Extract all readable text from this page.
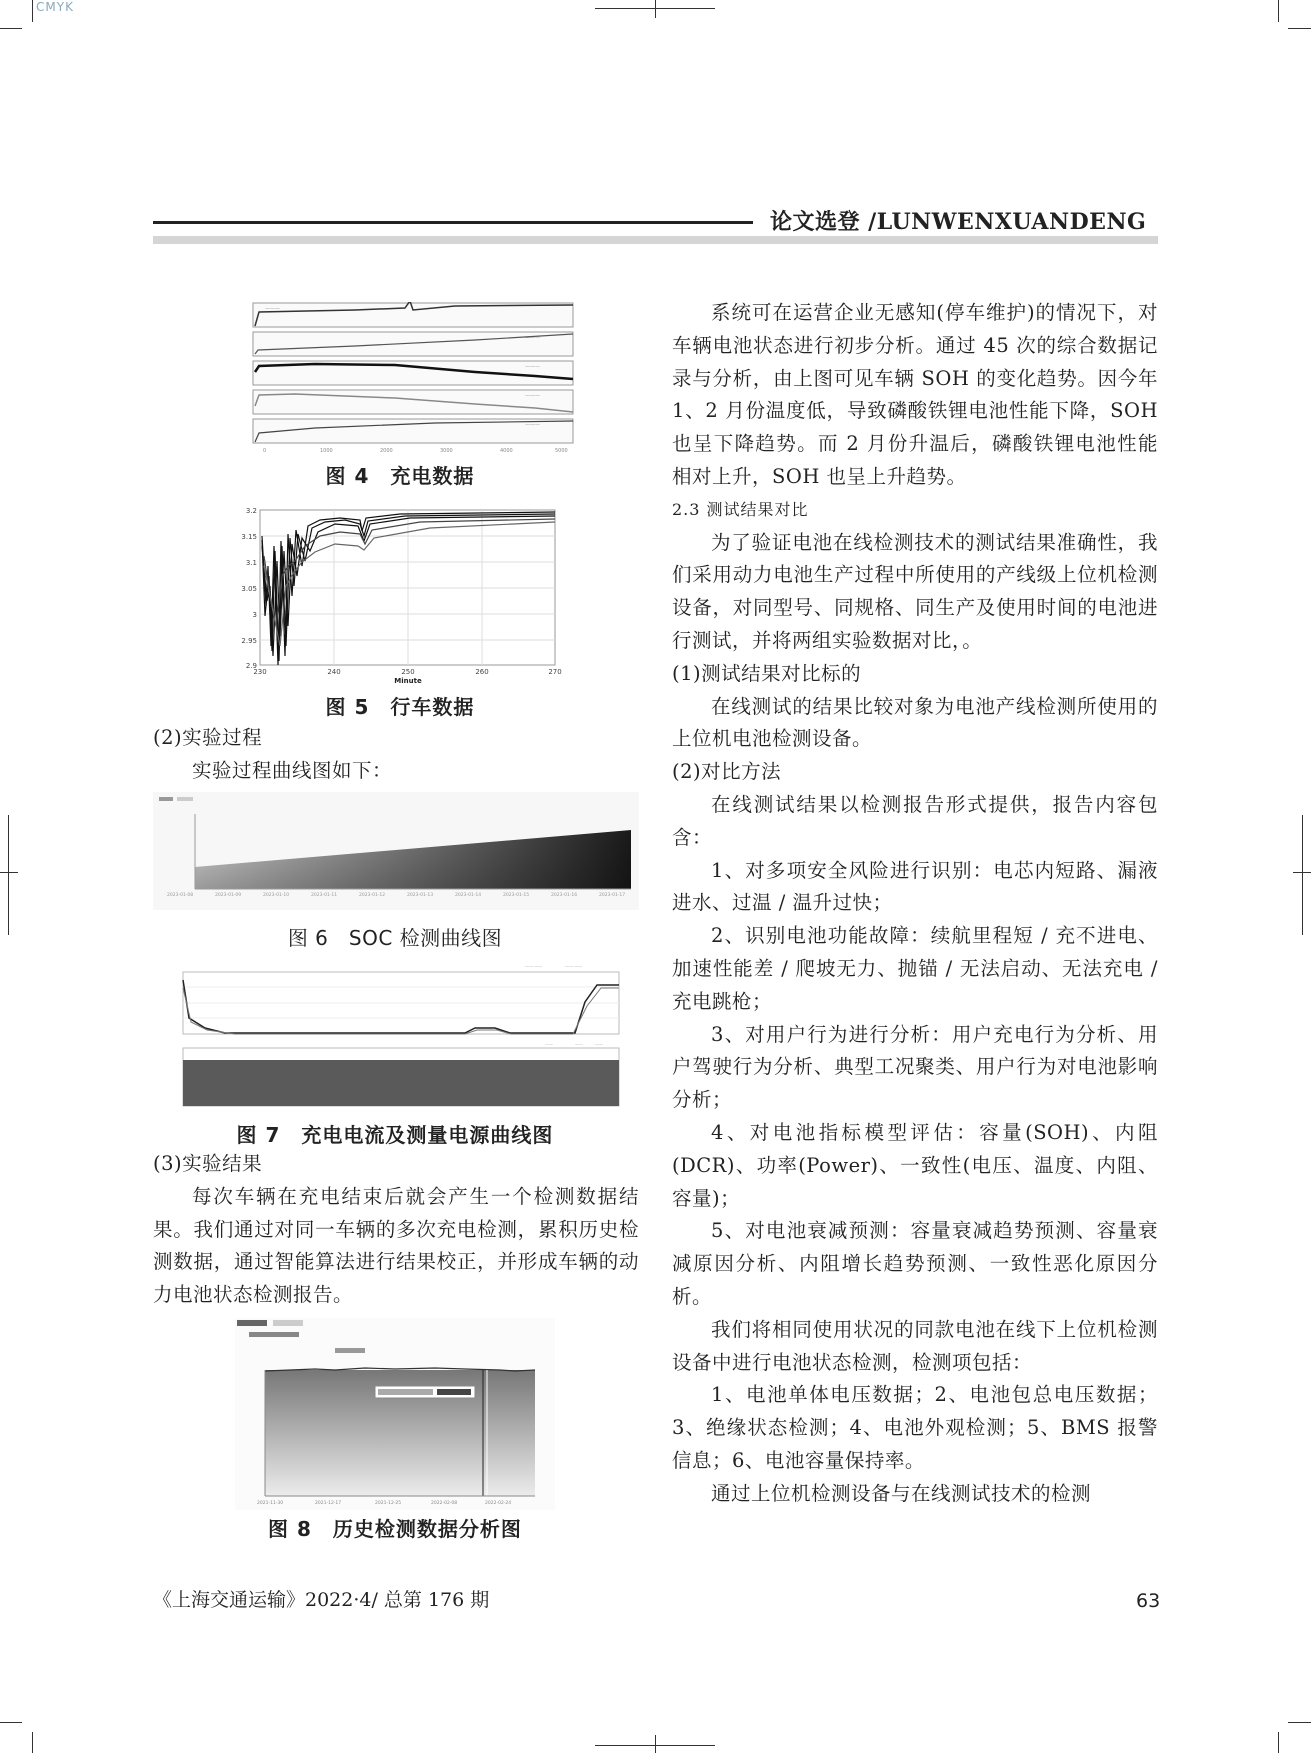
CMYK
论文选登 /LUNWENXUANDENG
———
———
———
———
———
0	1000	2000	3000	4000	5000
图 4　充电数据
3.2
3.15
3.1
3.05
3
2.95
2.9
230	240	250	260	270
Minute
图 5　行车数据

(2)实验过程

实验过程曲线图如下：

2023-01-08	2023-01-09	2023-01-10	2023-01-11	2023-01-12	2023-01-13	2023-01-14	2023-01-15	2023-01-16	2023-01-17
图 6　SOC 检测曲线图
—— ——	—— ——
——	——	——
图 7　充电电流及测量电源曲线图

(3)实验结果

每次车辆在充电结束后就会产生一个检测数据结果。我们通过对同一车辆的多次充电检测，累积历史检测数据，通过智能算法进行结果校正，并形成车辆的动力电池状态检测报告。

2021-11-30	2021-12-17	2021-12-25	2022-02-08	2022-02-24
图 8　历史检测数据分析图

系统可在运营企业无感知(停车维护)的情况下，对车辆电池状态进行初步分析。通过 45 次的综合数据记录与分析，由上图可见车辆 SOH 的变化趋势。因今年 1、2 月份温度低，导致磷酸铁锂电池性能下降，SOH 也呈下降趋势。而 2 月份升温后，磷酸铁锂电池性能相对上升，SOH 也呈上升趋势。

2.3 测试结果对比

为了验证电池在线检测技术的测试结果准确性，我们采用动力电池生产过程中所使用的产线级上位机检测设备，对同型号、同规格、同生产及使用时间的电池进行测试，并将两组实验数据对比，。

(1)测试结果对比标的

在线测试的结果比较对象为电池产线检测所使用的上位机电池检测设备。

(2)对比方法

在线测试结果以检测报告形式提供，报告内容包含：

1、对多项安全风险进行识别：电芯内短路、漏液进水、过温 / 温升过快；

2、识别电池功能故障：续航里程短 / 充不进电、加速性能差 / 爬坡无力、抛锚 / 无法启动、无法充电 / 充电跳枪；

3、对用户行为进行分析：用户充电行为分析、用户驾驶行为分析、典型工况聚类、用户行为对电池影响分析；

4、对电池指标模型评估：容量(SOH)、内阻(DCR)、功率(Power)、一致性(电压、温度、内阻、容量)；

5、对电池衰减预测：容量衰减趋势预测、容量衰减原因分析、内阻增长趋势预测、一致性恶化原因分析。

我们将相同使用状况的同款电池在线下上位机检测设备中进行电池状态检测，检测项包括：

1、电池单体电压数据；2、电池包总电压数据；3、绝缘状态检测；4、电池外观检测；5、BMS 报警信息；6、电池容量保持率。

通过上位机检测设备与在线测试技术的检测

《上海交通运输》2022·4/ 总第 176 期	63
